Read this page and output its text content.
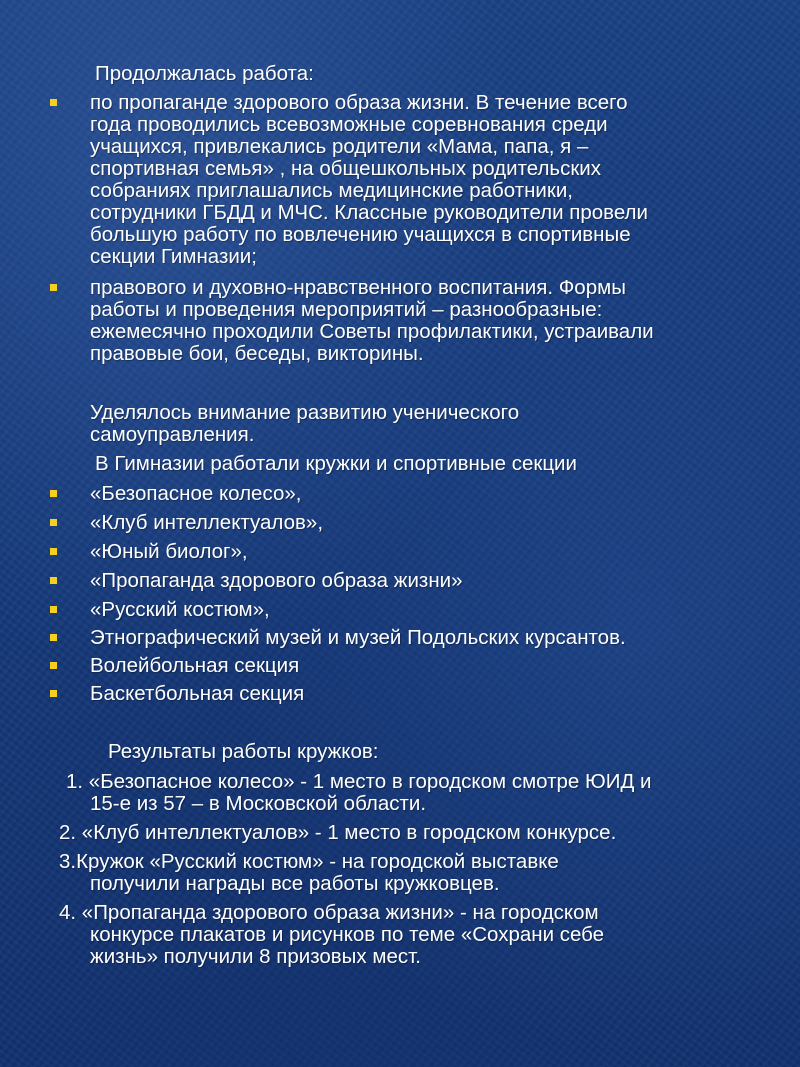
Продолжалась работа:
по пропаганде здорового образа жизни. В течение всего
года проводились всевозможные соревнования среди
учащихся, привлекались родители «Мама, папа, я –
спортивная семья» , на общешкольных родительских
собраниях приглашались медицинские работники,
сотрудники ГБДД и МЧС. Классные руководители провели
большую работу по вовлечению учащихся в спортивные
секции Гимназии;
правового и духовно-нравственного воспитания. Формы
работы и проведения мероприятий – разнообразные:
ежемесячно проходили Советы профилактики, устраивали
правовые бои, беседы, викторины.
Уделялось внимание развитию ученического
самоуправления.
В Гимназии работали кружки и спортивные секции
«Безопасное колесо»,
«Клуб интеллектуалов»,
«Юный биолог»,
«Пропаганда здорового образа жизни»
«Русский костюм»,
Этнографический музей и музей Подольских курсантов.
Волейбольная секция
Баскетбольная секция
Результаты работы кружков:
1. «Безопасное колесо» - 1 место в городском смотре ЮИД и
15-е из 57 – в Московской области.
2. «Клуб интеллектуалов» - 1 место в городском конкурсе.
3.Кружок «Русский костюм» - на городской выставке
получили награды все работы кружковцев.
4. «Пропаганда здорового образа жизни» - на городском
конкурсе плакатов и рисунков по теме «Сохрани себе
жизнь» получили 8 призовых мест.
